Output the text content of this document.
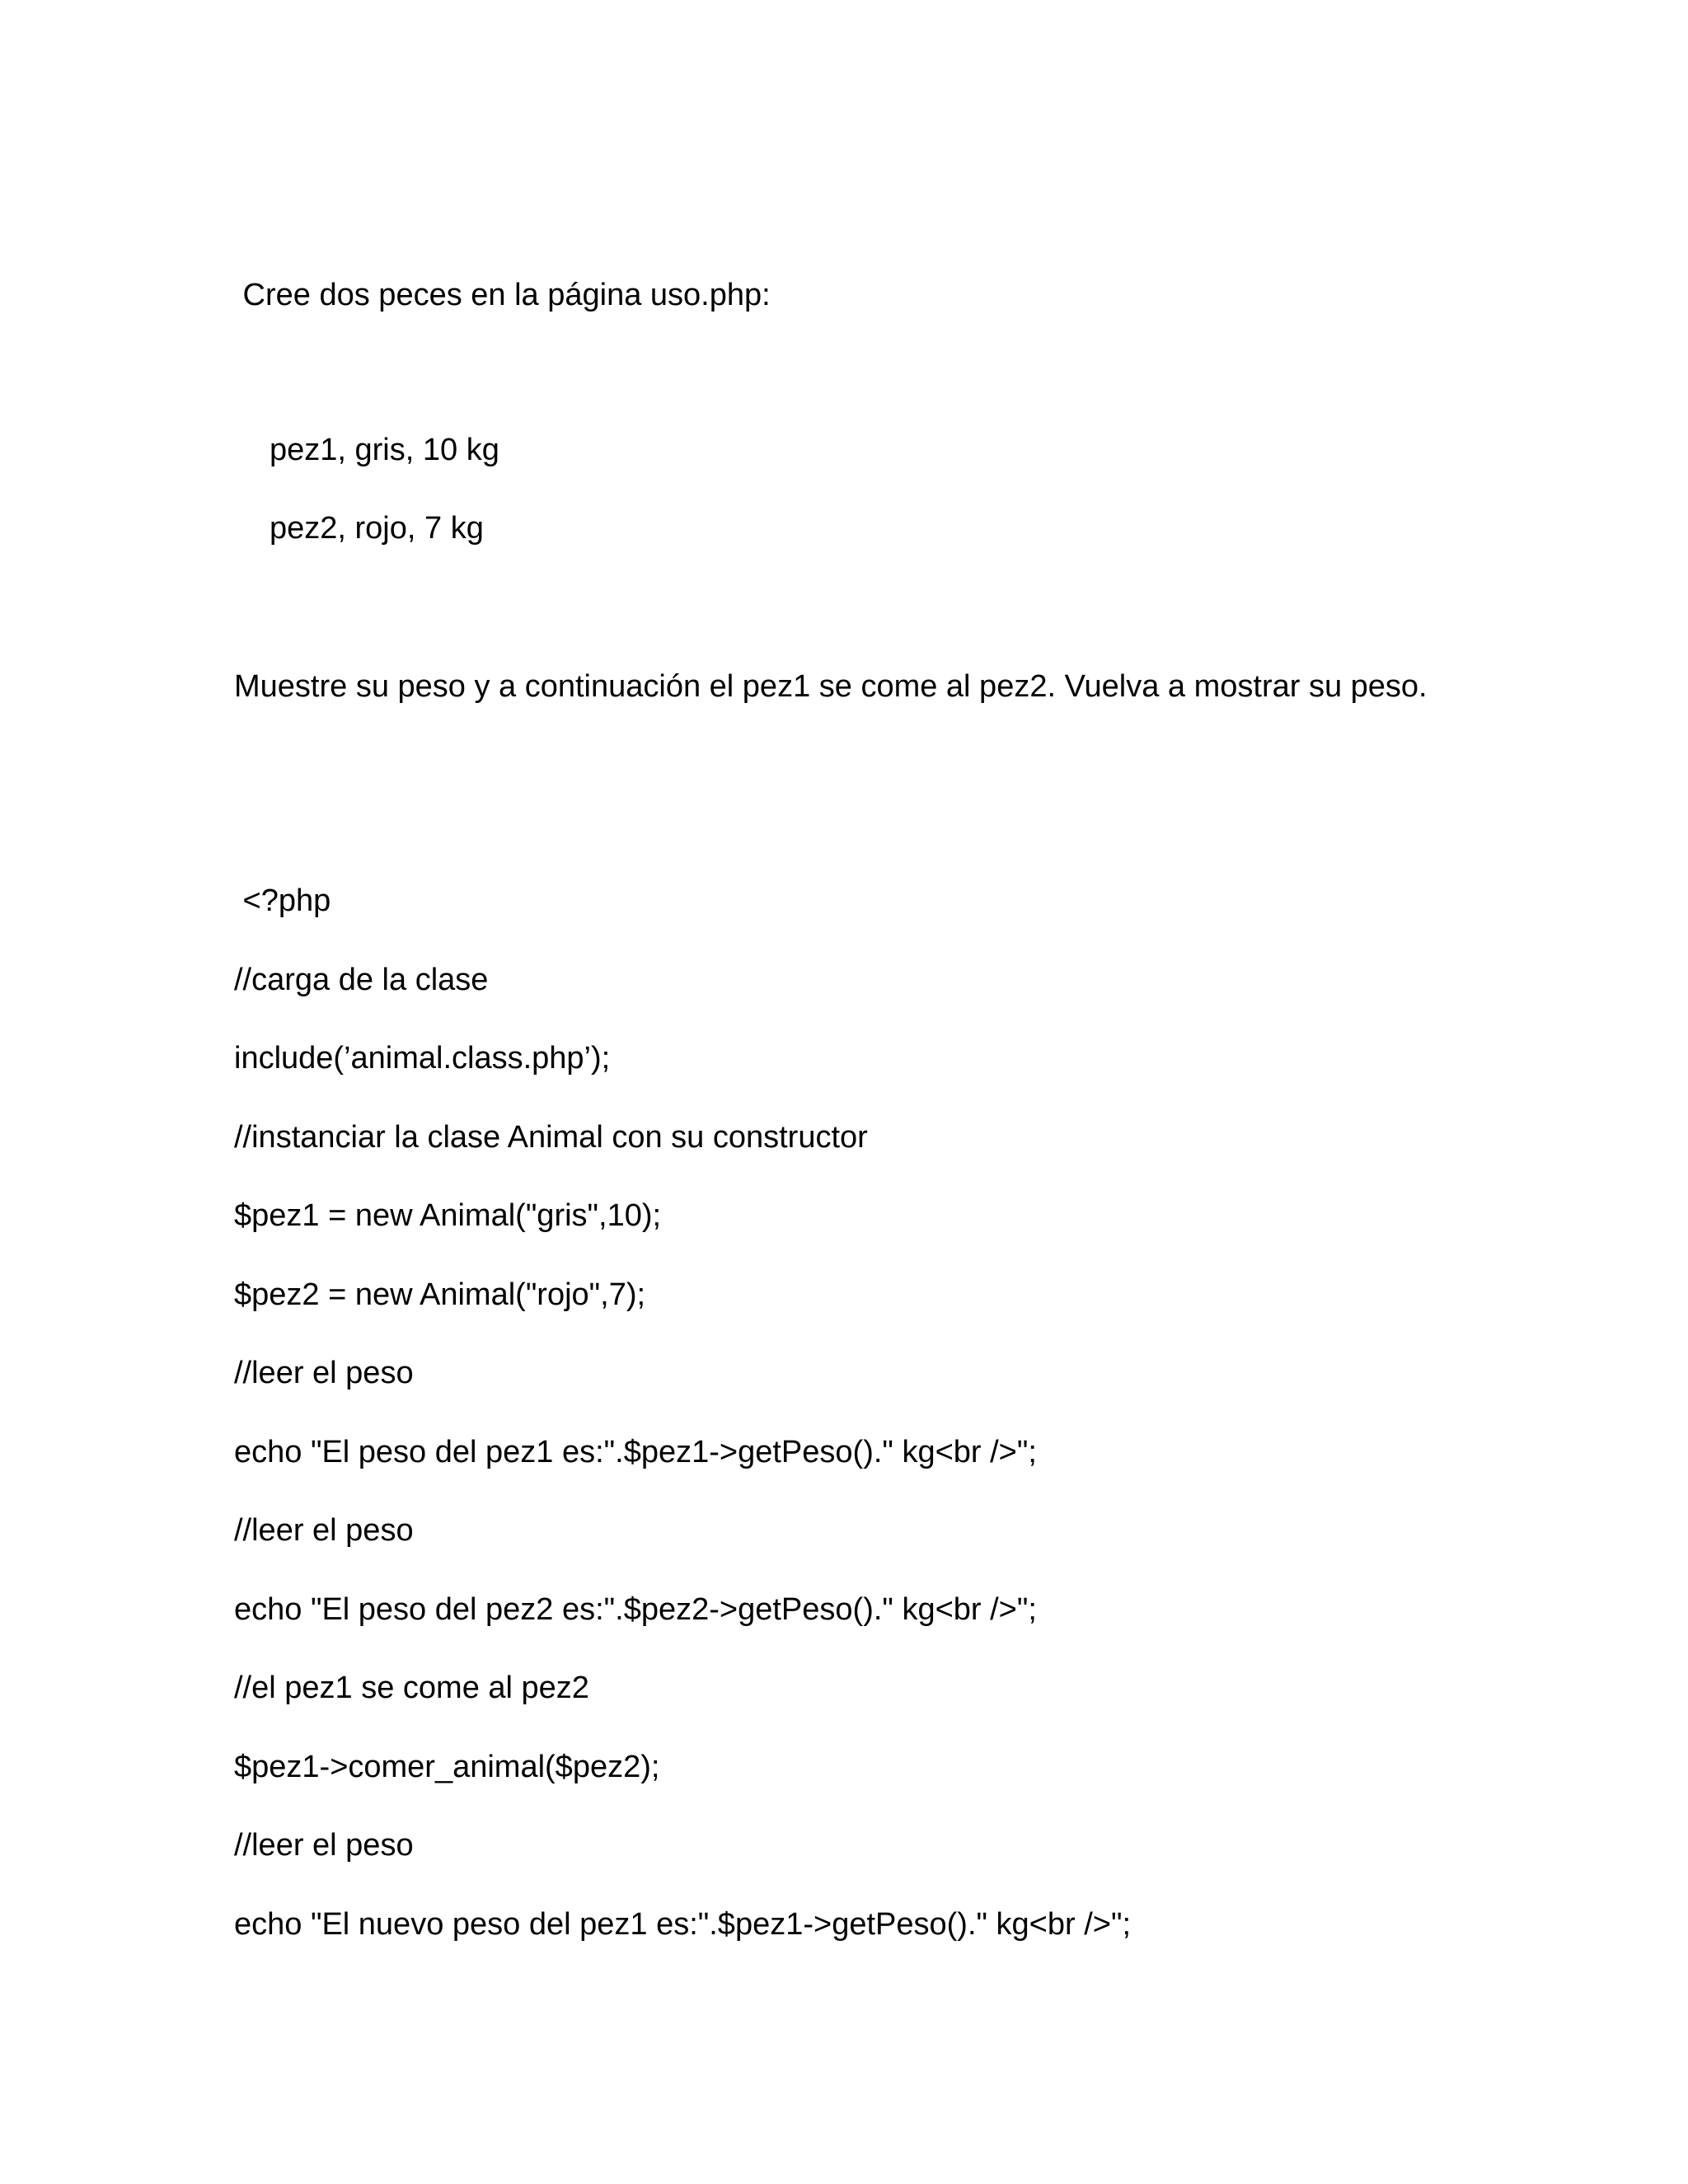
Cree dos peces en la página uso.php:

pez1, gris, 10 kg

pez2, rojo, 7 kg

Muestre su peso y a continuación el pez1 se come al pez2. Vuelva a mostrar su peso.

<?php

//carga de la clase

include(’animal.class.php’);

//instanciar la clase Animal con su constructor

$pez1 = new Animal("gris",10);

$pez2 = new Animal("rojo",7);

//leer el peso

echo "El peso del pez1 es:".$pez1->getPeso()." kg<br />";

//leer el peso

echo "El peso del pez2 es:".$pez2->getPeso()." kg<br />";

//el pez1 se come al pez2

$pez1->comer_animal($pez2);

//leer el peso

echo "El nuevo peso del pez1 es:".$pez1->getPeso()." kg<br />";
